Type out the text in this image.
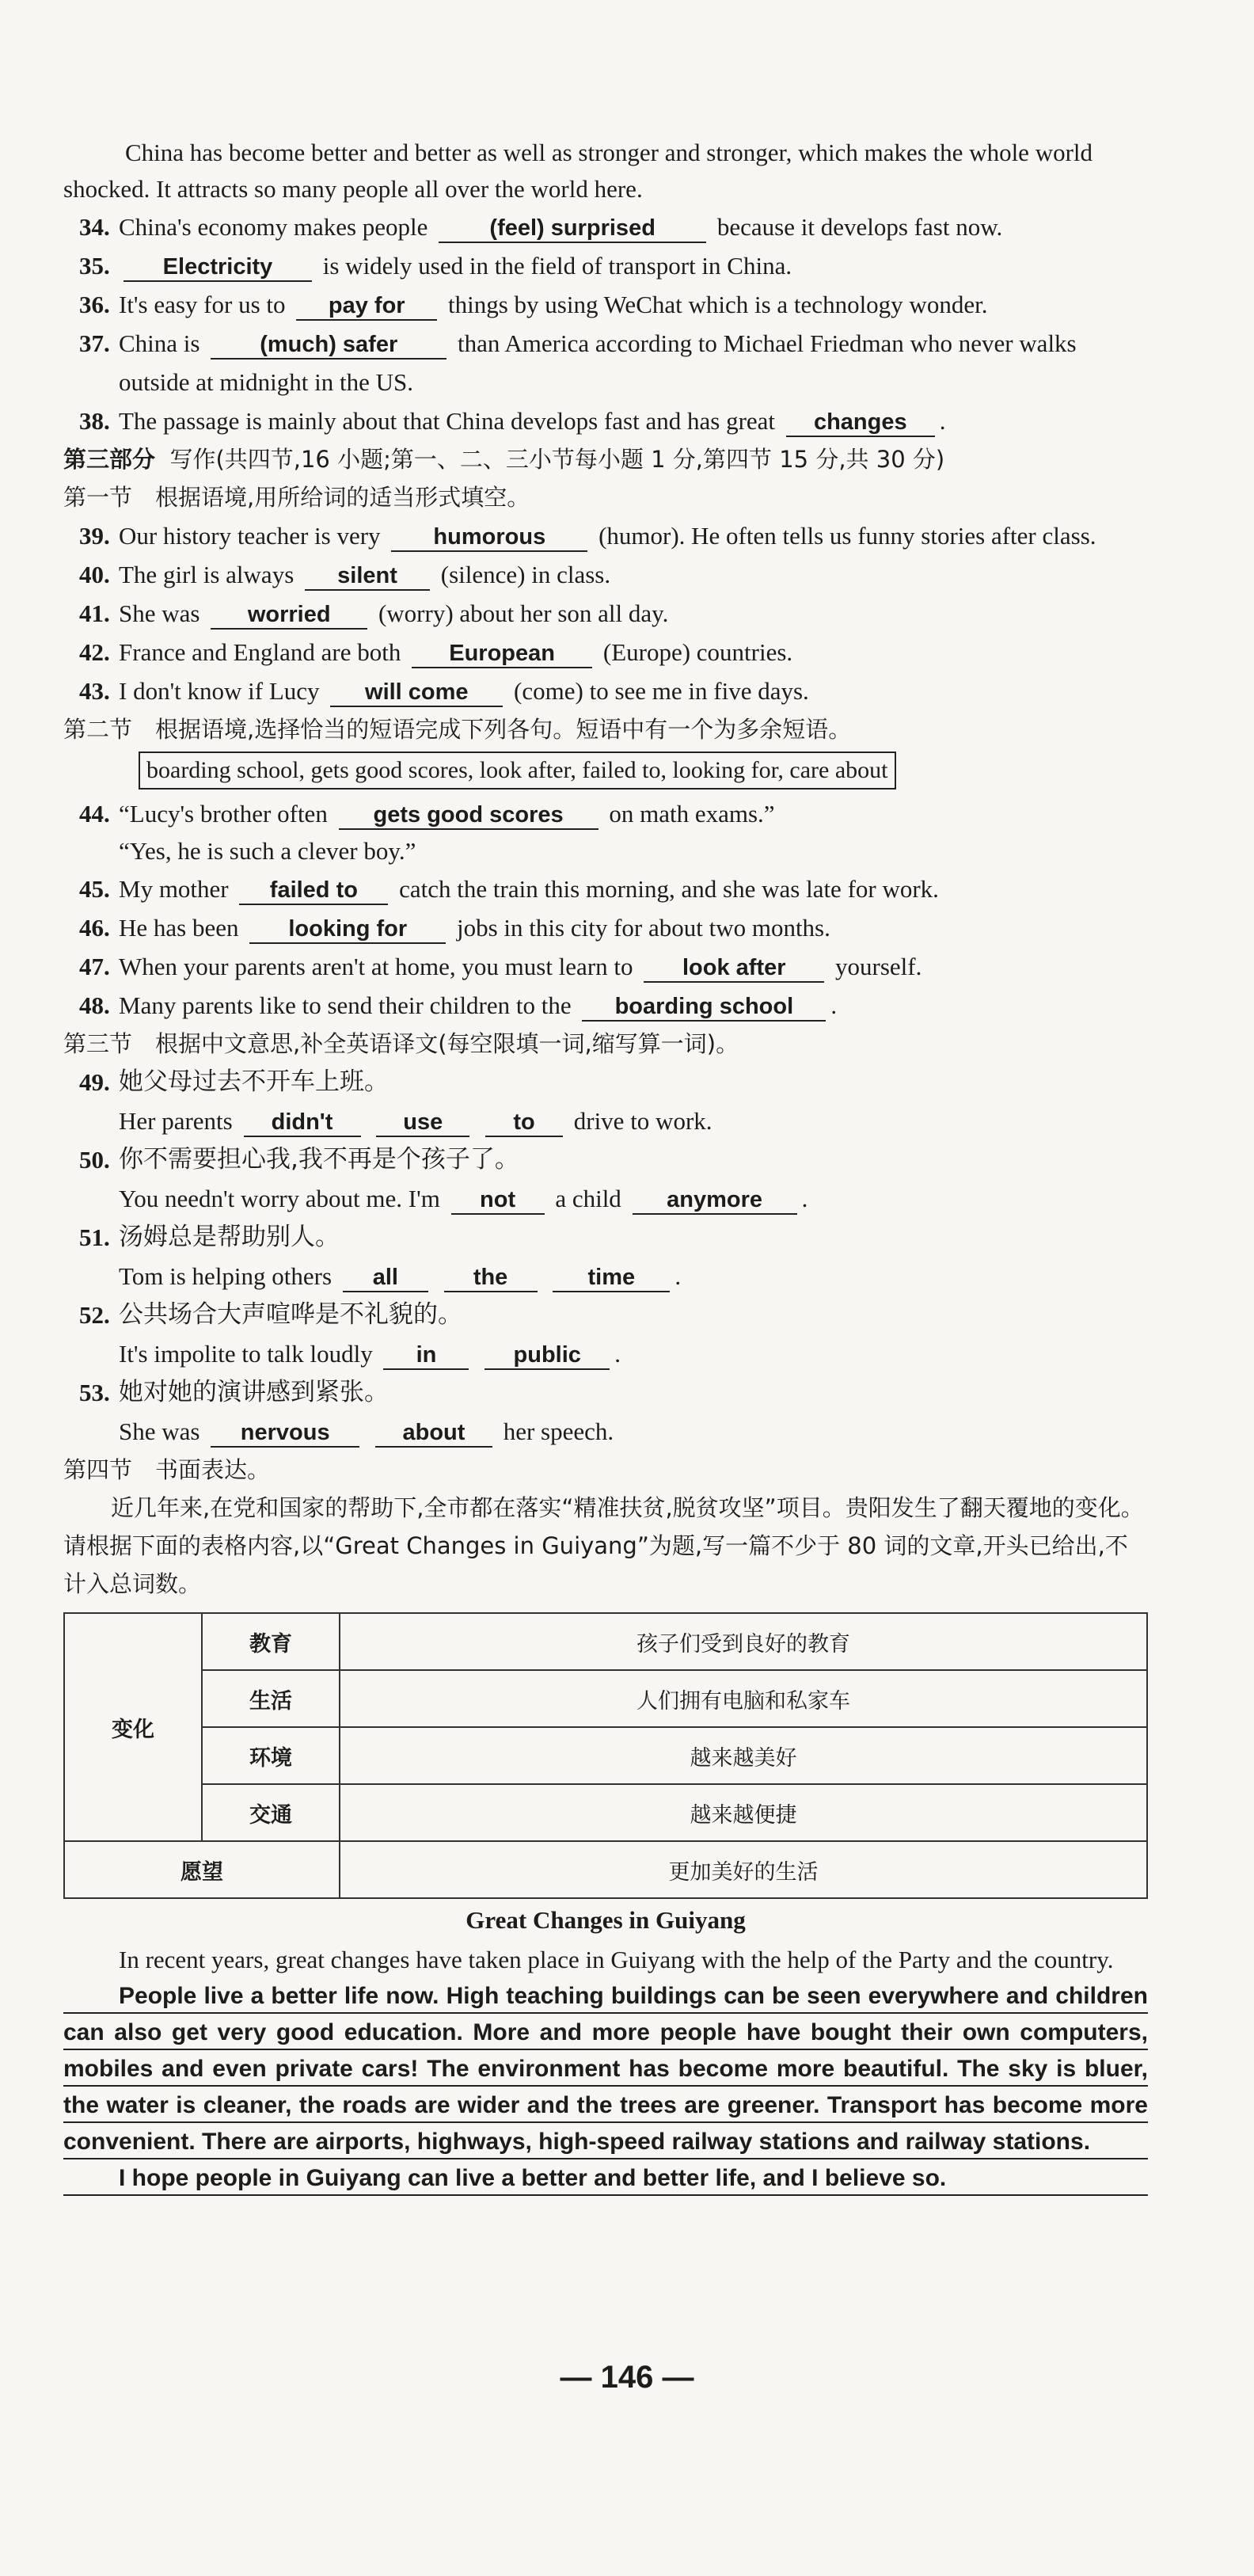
China has become better and better as well as stronger and stronger, which makes the whole world shocked. It attracts so many people all over the world here.

34. China's economy makes people	(feel) surprised	because it develops fast now.
35. Electricity is widely used in the field of transport in China.
36. It's easy for us to pay for things by using WeChat which is a technology wonder.
37. China is	(much) safer than America according to Michael Friedman who never walks outside at midnight in the US.
38. The passage is mainly about that China develops fast and has great changes .
第三部分 写作(共四节,16 小题;第一、二、三小节每小题 1 分,第四节 15 分,共 30 分)
第一节　根据语境,用所给词的适当形式填空。
39. Our history teacher is very humorous (humor). He often tells us funny stories after class.
40. The girl is always silent (silence) in class.
41. She was worried (worry) about her son all day.
42. France and England are both European (Europe) countries.
43. I don't know if Lucy will come (come) to see me in five days.
第二节　根据语境,选择恰当的短语完成下列各句。短语中有一个为多余短语。
boarding school, gets good scores, look after, failed to, looking for, care about
44. “Lucy's brother often gets good scores on math exams.”
“Yes, he is such a clever boy.”
45. My mother failed to catch the train this morning, and she was late for work.
46. He has been looking for jobs in this city for about two months.
47. When your parents aren't at home, you must learn to look after yourself.
48. Many parents like to send their children to the boarding school .
第三节　根据中文意思,补全英语译文(每空限填一词,缩写算一词)。
49. 她父母过去不开车上班。
Her parents didn't	use	to drive to work.
50. 你不需要担心我,我不再是个孩子了。
You needn't worry about me. I'm not a child anymore .
51. 汤姆总是帮助别人。
Tom is helping others all	the	time .
52. 公共场合大声喧哗是不礼貌的。
It's impolite to talk loudly in	public .
53. 她对她的演讲感到紧张。
She was nervous	about her speech.
第四节　书面表达。

近几年来,在党和国家的帮助下,全市都在落实“精准扶贫,脱贫攻坚”项目。贵阳发生了翻天覆地的变化。请根据下面的表格内容,以“Great Changes in Guiyang”为题,写一篇不少于 80 词的文章,开头已给出,不计入总词数。

变化	教育	孩子们受到良好的教育
	生活	人们拥有电脑和私家车
	环境	越来越美好
	交通	越来越便捷
愿望		更加美好的生活
Great Changes in Guiyang

In recent years, great changes have taken place in Guiyang with the help of the Party and the country.

People live a better life now. High teaching buildings can be seen everywhere and children can also get very good education. More and more people have bought their own computers, mobiles and even private cars! The environment has become more beautiful. The sky is bluer, the water is cleaner, the roads are wider and the trees are greener. Transport has become more convenient. There are airports, highways, high-speed railway stations and railway stations.

I hope people in Guiyang can live a better and better life, and I believe so.

— 146 —
